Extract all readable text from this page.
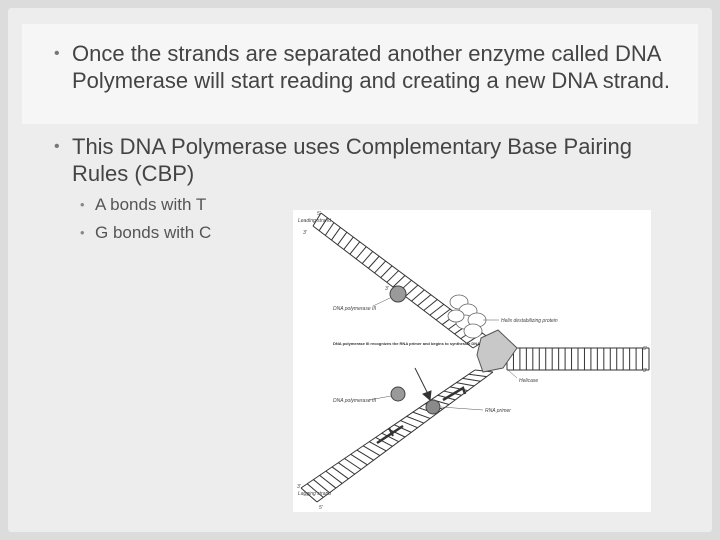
• Once the strands are separated another enzyme called DNA Polymerase will start reading and creating a new DNA strand.
• This DNA Polymerase uses Complementary Base Pairing Rules (CBP)
• A bonds with T
• G bonds with C
Leading strand
5'
3'
3'
DNA polymerase III
Helix destabilizing protein
DNA polymerase III recognizes the RNA primer and begins to synthesize DNA
5'
3'
Helicase
DNA polymerase III
RNA primer
Lagging strand
3'
5'
